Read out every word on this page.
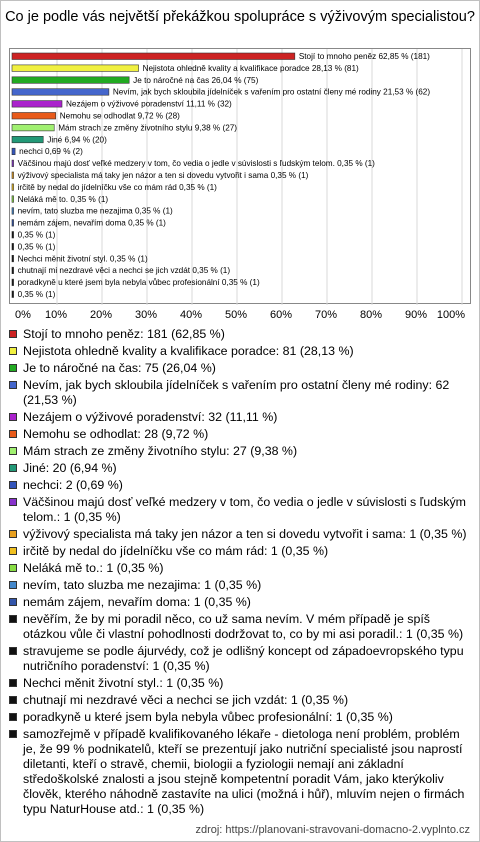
Co je podle vás největší překážkou spolupráce s výživovým specialistou?
Stojí to mnoho peněz 62,85 % (181)
Nejistota ohledně kvality a kvalifikace poradce 28,13 % (81)
Je to náročné na čas 26,04 % (75)
Nevím, jak bych skloubila jídelníček s vařením pro ostatní členy mé rodiny 21,53 % (62)
Nezájem o výživové poradenství 11,11 % (32)
Nemohu se odhodlat 9,72 % (28)
Mám strach ze změny životního stylu 9,38 % (27)
Jiné 6,94 % (20)
nechci 0,69 % (2)
Väčšinou majú dosť veľké medzery v tom, čo vedia o jedle v súvislosti s ľudským telom. 0,35 % (1)
výživový specialista má taky jen názor a ten si dovedu vytvořit i sama 0,35 % (1)
irčitě by nedal do jídelníčku vše co mám rád 0,35 % (1)
Neláká mě to. 0,35 % (1)
nevím, tato sluzba me nezajima 0,35 % (1)
nemám zájem, nevařím doma 0,35 % (1)
0,35 % (1)
0,35 % (1)
Nechci měnit životní styl. 0,35 % (1)
chutnají mi nezdravé věci a nechci se jich vzdát 0,35 % (1)
poradkyně u které jsem byla nebyla vůbec profesionální 0,35 % (1)
0,35 % (1)
Stojí to mnoho peněz: 181 (62,85 %)
Nejistota ohledně kvality a kvalifikace poradce: 81 (28,13 %)
Je to náročné na čas: 75 (26,04 %)
Nevím, jak bych skloubila jídelníček s vařením pro ostatní členy mé rodiny: 62 (21,53 %)
Nezájem o výživové poradenství: 32 (11,11 %)
Nemohu se odhodlat: 28 (9,72 %)
Mám strach ze změny životního stylu: 27 (9,38 %)
Jiné: 20 (6,94 %)
nechci: 2 (0,69 %)
Väčšinou majú dosť veľké medzery v tom, čo vedia o jedle v súvislosti s ľudským telom.: 1 (0,35 %)
výživový specialista má taky jen názor a ten si dovedu vytvořit i sama: 1 (0,35 %)
irčitě by nedal do jídelníčku vše co mám rád: 1 (0,35 %)
Neláká mě to.: 1 (0,35 %)
nevím, tato sluzba me nezajima: 1 (0,35 %)
nemám zájem, nevařím doma: 1 (0,35 %)
nevěřím, že by mi poradil něco, co už sama nevím. V mém případě je spíš otázkou vůle či vlastní pohodlnosti dodržovat to, co by mi asi poradil.: 1 (0,35 %)
stravujeme se podle ájurvédy, což je odlišný koncept od západoevropského typu nutričního poradenství: 1 (0,35 %)
Nechci měnit životní styl.: 1 (0,35 %)
chutnají mi nezdravé věci a nechci se jich vzdát: 1 (0,35 %)
poradkyně u které jsem byla nebyla vůbec profesionální: 1 (0,35 %)
samozřejmě v případě kvalifikovaného lékaře - dietologa není problém, problém je, že 99 % podnikatelů, kteří se prezentují jako nutriční specialisté jsou naprostí diletanti, kteří o stravě, chemii, biologii a fyziologii nemají ani základní středoškolské znalosti a jsou stejně kompetentní poradit Vám, jako kterýkoliv člověk, kterého náhodně zastavíte na ulici (možná i hůř), mluvím nejen o firmách typu NaturHouse atd.: 1 (0,35 %)
zdroj: https://planovani-stravovani-domacno-2.vyplnto.cz
0%	10%	20%	30%	40%	50%	60%	70%	80%	90% 100%
